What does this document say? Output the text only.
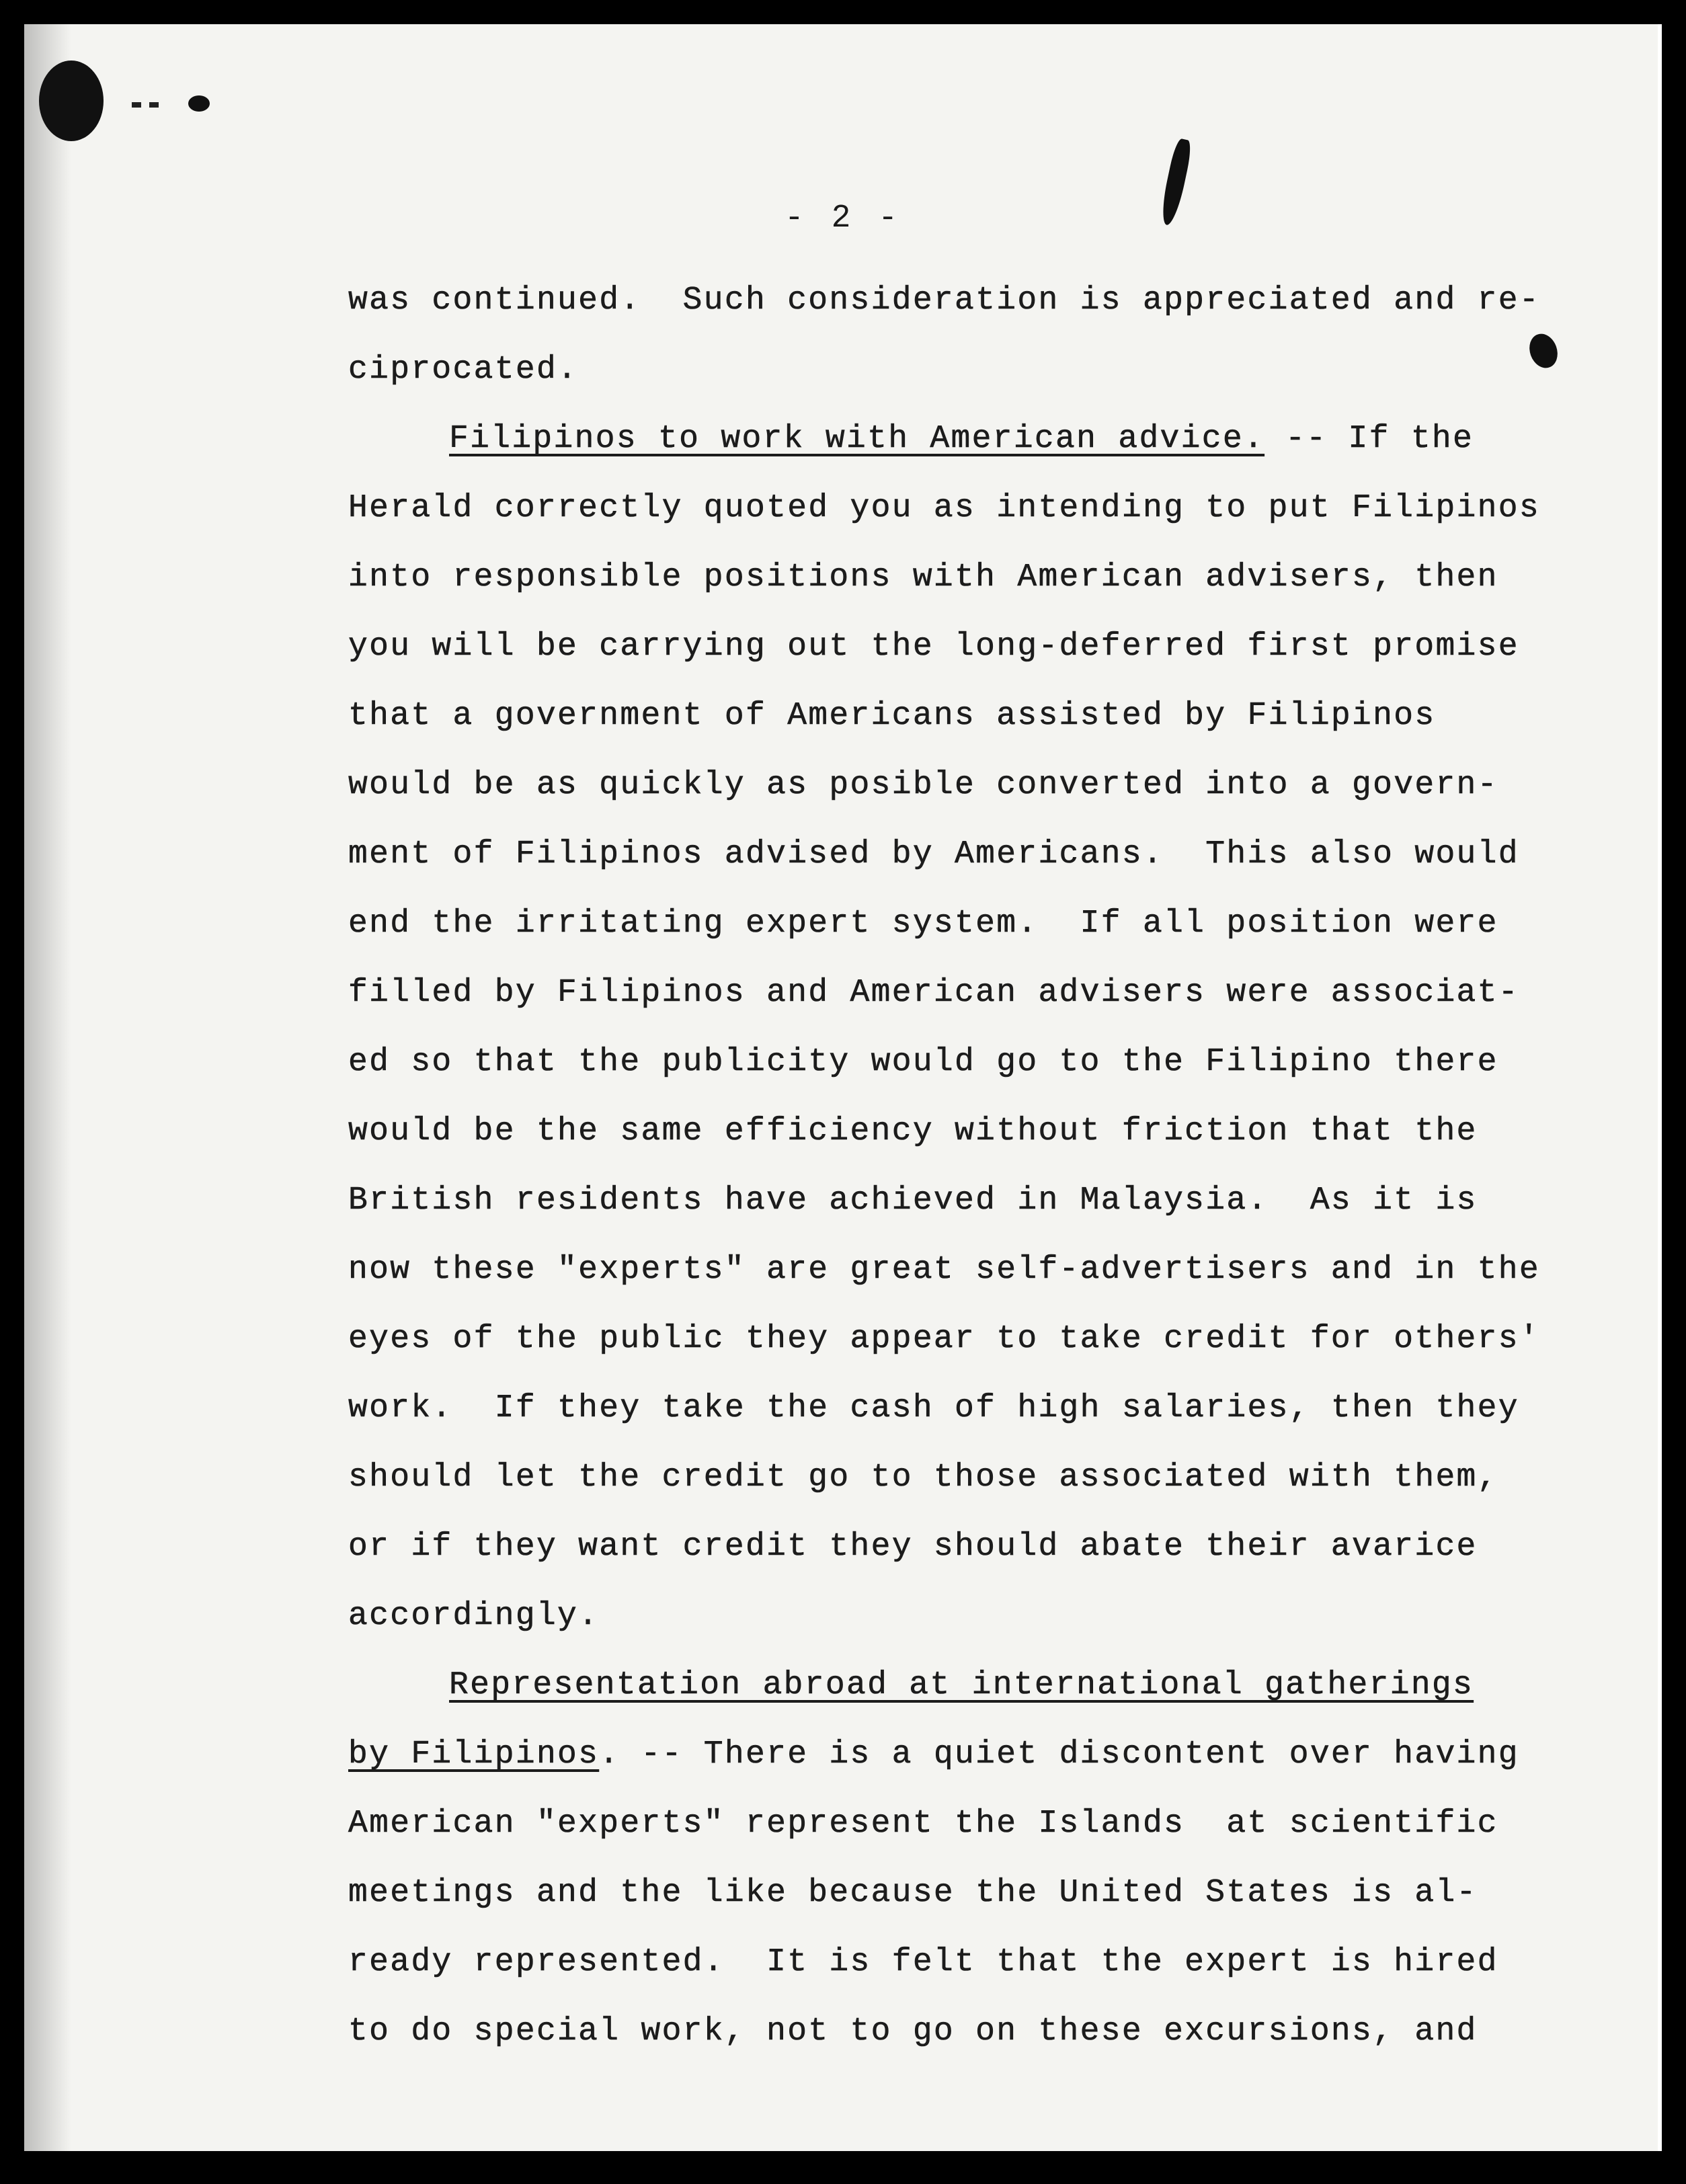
- 2 -
was continued.  Such consideration is appreciated and re-
ciprocated.
Filipinos to work with American advice. -- If the
Herald correctly quoted you as intending to put Filipinos
into responsible positions with American advisers, then
you will be carrying out the long-deferred first promise
that a government of Americans assisted by Filipinos
would be as quickly as posible converted into a govern-
ment of Filipinos advised by Americans.  This also would
end the irritating expert system.  If all position were
filled by Filipinos and American advisers were associat-
ed so that the publicity would go to the Filipino there
would be the same efficiency without friction that the
British residents have achieved in Malaysia.  As it is
now these "experts" are great self-advertisers and in the
eyes of the public they appear to take credit for others'
work.  If they take the cash of high salaries, then they
should let the credit go to those associated with them,
or if they want credit they should abate their avarice
accordingly.
Representation abroad at international gatherings
by Filipinos. -- There is a quiet discontent over having
American "experts" represent the Islands  at scientific
meetings and the like because the United States is al-
ready represented.  It is felt that the expert is hired
to do special work, not to go on these excursions, and
